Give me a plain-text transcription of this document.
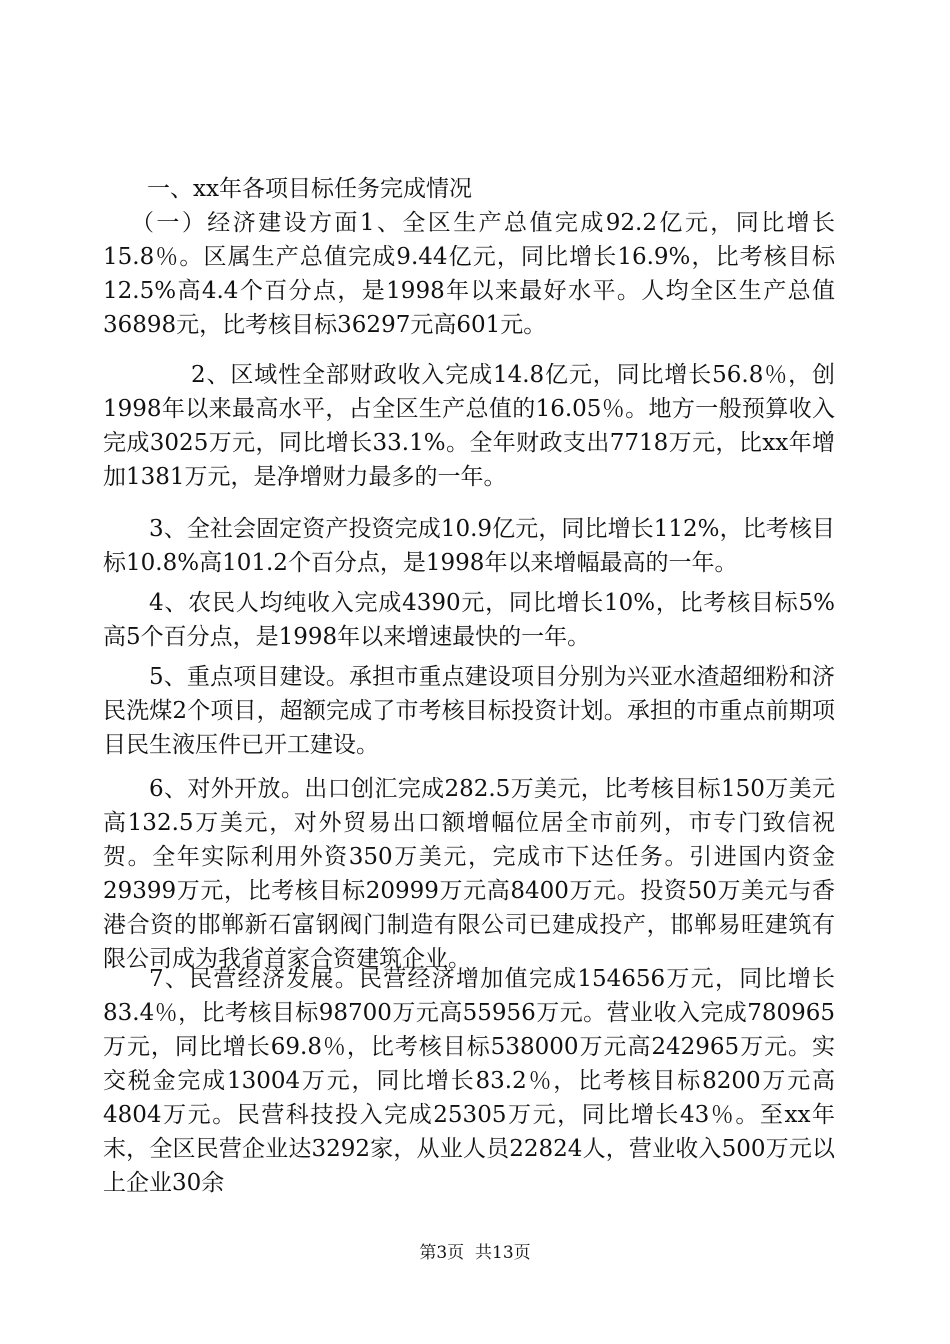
一、xx年各项目标任务完成情况

（一）经济建设方面1、全区生产总值完成92.2亿元，同比增长15.8％。区属生产总值完成9.44亿元，同比增长16.9%，比考核目标12.5%高4.4个百分点，是1998年以来最好水平。人均全区生产总值36898元，比考核目标36297元高601元。

2、区域性全部财政收入完成14.8亿元，同比增长56.8％，创1998年以来最高水平，占全区生产总值的16.05％。地方一般预算收入完成3025万元，同比增长33.1%。全年财政支出7718万元，比xx年增加1381万元，是净增财力最多的一年。

3、全社会固定资产投资完成10.9亿元，同比增长112%，比考核目标10.8%高101.2个百分点，是1998年以来增幅最高的一年。

4、农民人均纯收入完成4390元，同比增长10%，比考核目标5%高5个百分点，是1998年以来增速最快的一年。

5、重点项目建设。承担市重点建设项目分别为兴亚水渣超细粉和济民洗煤2个项目，超额完成了市考核目标投资计划。承担的市重点前期项目民生液压件已开工建设。

6、对外开放。出口创汇完成282.5万美元，比考核目标150万美元高132.5万美元，对外贸易出口额增幅位居全市前列，市专门致信祝贺。全年实际利用外资350万美元，完成市下达任务。引进国内资金29399万元，比考核目标20999万元高8400万元。投资50万美元与香港合资的邯郸新石富钢阀门制造有限公司已建成投产，邯郸易旺建筑有限公司成为我省首家合资建筑企业。

7、民营经济发展。民营经济增加值完成154656万元，同比增长83.4％，比考核目标98700万元高55956万元。营业收入完成780965万元，同比增长69.8％，比考核目标538000万元高242965万元。实交税金完成13004万元，同比增长83.2％，比考核目标8200万元高4804万元。民营科技投入完成25305万元，同比增长43％。至xx年末，全区民营企业达3292家，从业人员22824人，营业收入500万元以上企业30余

第3页 共13页
